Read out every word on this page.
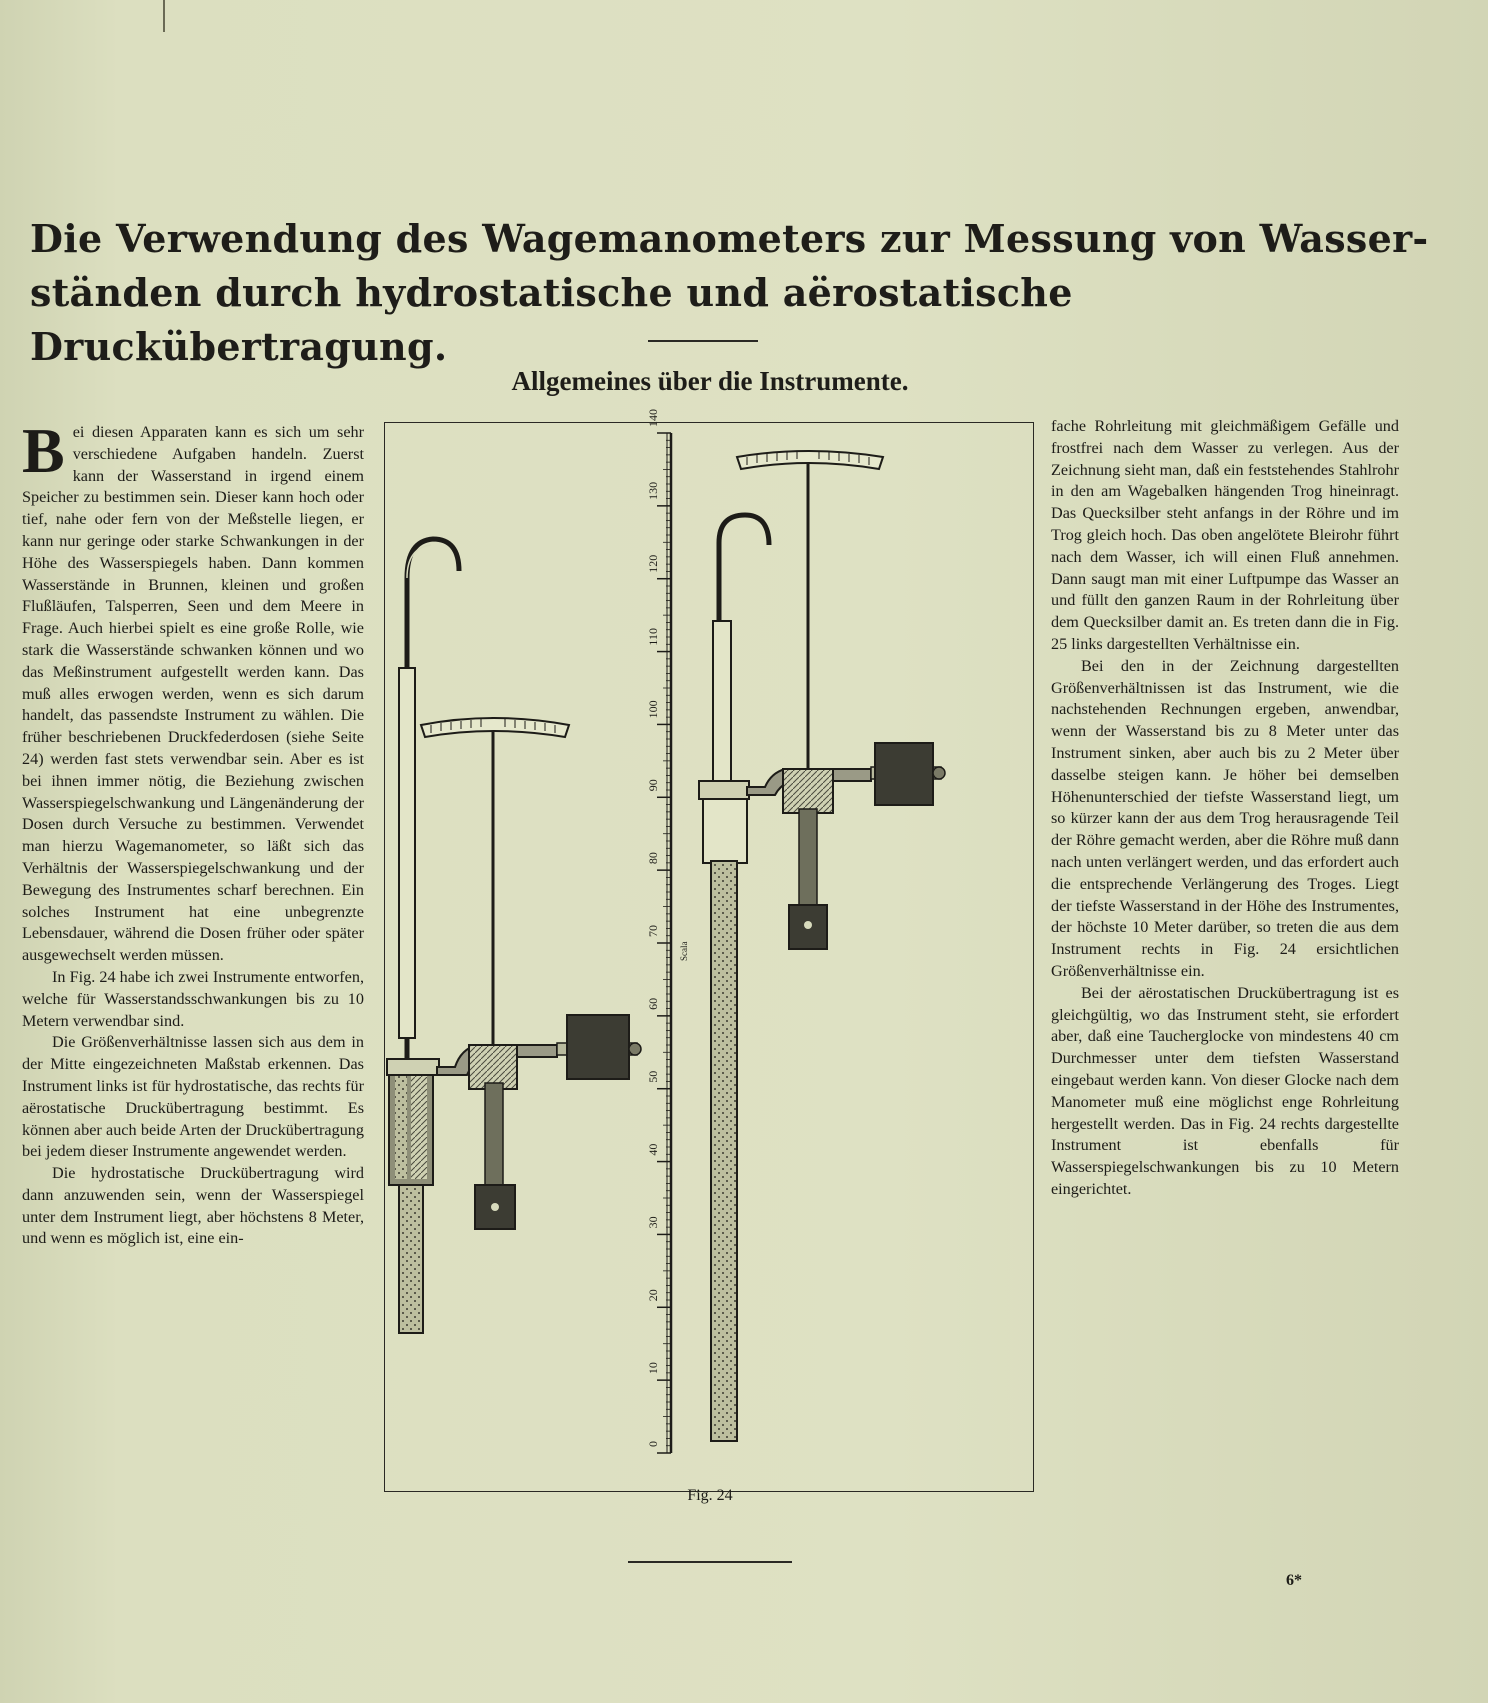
Die Verwendung des Wagemanometers zur Messung von Wasser-
ständen durch hydrostatische und aërostatische Druckübertragung.
Allgemeines über die Instrumente.

Bei diesen Apparaten kann es sich um sehr verschiedene Aufgaben handeln. Zuerst kann der Wasserstand in irgend einem Speicher zu bestimmen sein. Dieser kann hoch oder tief, nahe oder fern von der Meßstelle liegen, er kann nur geringe oder starke Schwankungen in der Höhe des Wasserspiegels haben. Dann kommen Wasserstände in Brunnen, kleinen und großen Flußläufen, Talsperren, Seen und dem Meere in Frage. Auch hierbei spielt es eine große Rolle, wie stark die Wasserstände schwanken können und wo das Meßinstrument aufgestellt werden kann. Das muß alles erwogen werden, wenn es sich darum handelt, das passendste Instrument zu wählen. Die früher beschriebenen Druckfederdosen (siehe Seite 24) werden fast stets verwendbar sein. Aber es ist bei ihnen immer nötig, die Beziehung zwischen Wasserspiegelschwankung und Längenänderung der Dosen durch Versuche zu bestimmen. Verwendet man hierzu Wagemanometer, so läßt sich das Verhältnis der Wasserspiegelschwankung und der Bewegung des Instrumentes scharf berechnen. Ein solches Instrument hat eine unbegrenzte Lebensdauer, während die Dosen früher oder später ausgewechselt werden müssen.

In Fig. 24 habe ich zwei Instrumente entworfen, welche für Wasserstandsschwankungen bis zu 10 Metern verwendbar sind.

Die Größenverhältnisse lassen sich aus dem in der Mitte eingezeichneten Maßstab erkennen. Das Instrument links ist für hydrostatische, das rechts für aërostatische Druckübertragung bestimmt. Es können aber auch beide Arten der Druckübertragung bei jedem dieser Instrumente angewendet werden.

Die hydrostatische Druckübertragung wird dann anzuwenden sein, wenn der Wasserspiegel unter dem Instrument liegt, aber höchstens 8 Meter, und wenn es möglich ist, eine ein-

0
10
20
30
40
50
60
70
80
90
100
110
120
130
140
Scala
Fig. 24

fache Rohrleitung mit gleichmäßigem Gefälle und frostfrei nach dem Wasser zu verlegen. Aus der Zeichnung sieht man, daß ein feststehendes Stahlrohr in den am Wagebalken hängenden Trog hineinragt. Das Quecksilber steht anfangs in der Röhre und im Trog gleich hoch. Das oben angelötete Bleirohr führt nach dem Wasser, ich will einen Fluß annehmen. Dann saugt man mit einer Luftpumpe das Wasser an und füllt den ganzen Raum in der Rohrleitung über dem Quecksilber damit an. Es treten dann die in Fig. 25 links dargestellten Verhältnisse ein.

Bei den in der Zeichnung dargestellten Größenverhältnissen ist das Instrument, wie die nachstehenden Rechnungen ergeben, anwendbar, wenn der Wasserstand bis zu 8 Meter unter das Instrument sinken, aber auch bis zu 2 Meter über dasselbe steigen kann. Je höher bei demselben Höhenunterschied der tiefste Wasserstand liegt, um so kürzer kann der aus dem Trog herausragende Teil der Röhre gemacht werden, aber die Röhre muß dann nach unten verlängert werden, und das erfordert auch die entsprechende Verlängerung des Troges. Liegt der tiefste Wasserstand in der Höhe des Instrumentes, der höchste 10 Meter darüber, so treten die aus dem Instrument rechts in Fig. 24 ersichtlichen Größenverhältnisse ein.

Bei der aërostatischen Druckübertragung ist es gleichgültig, wo das Instrument steht, sie erfordert aber, daß eine Taucherglocke von mindestens 40 cm Durchmesser unter dem tiefsten Wasserstand eingebaut werden kann. Von dieser Glocke nach dem Manometer muß eine möglichst enge Rohrleitung hergestellt werden. Das in Fig. 24 rechts dargestellte Instrument ist ebenfalls für Wasserspiegelschwankungen bis zu 10 Metern eingerichtet.

6*
